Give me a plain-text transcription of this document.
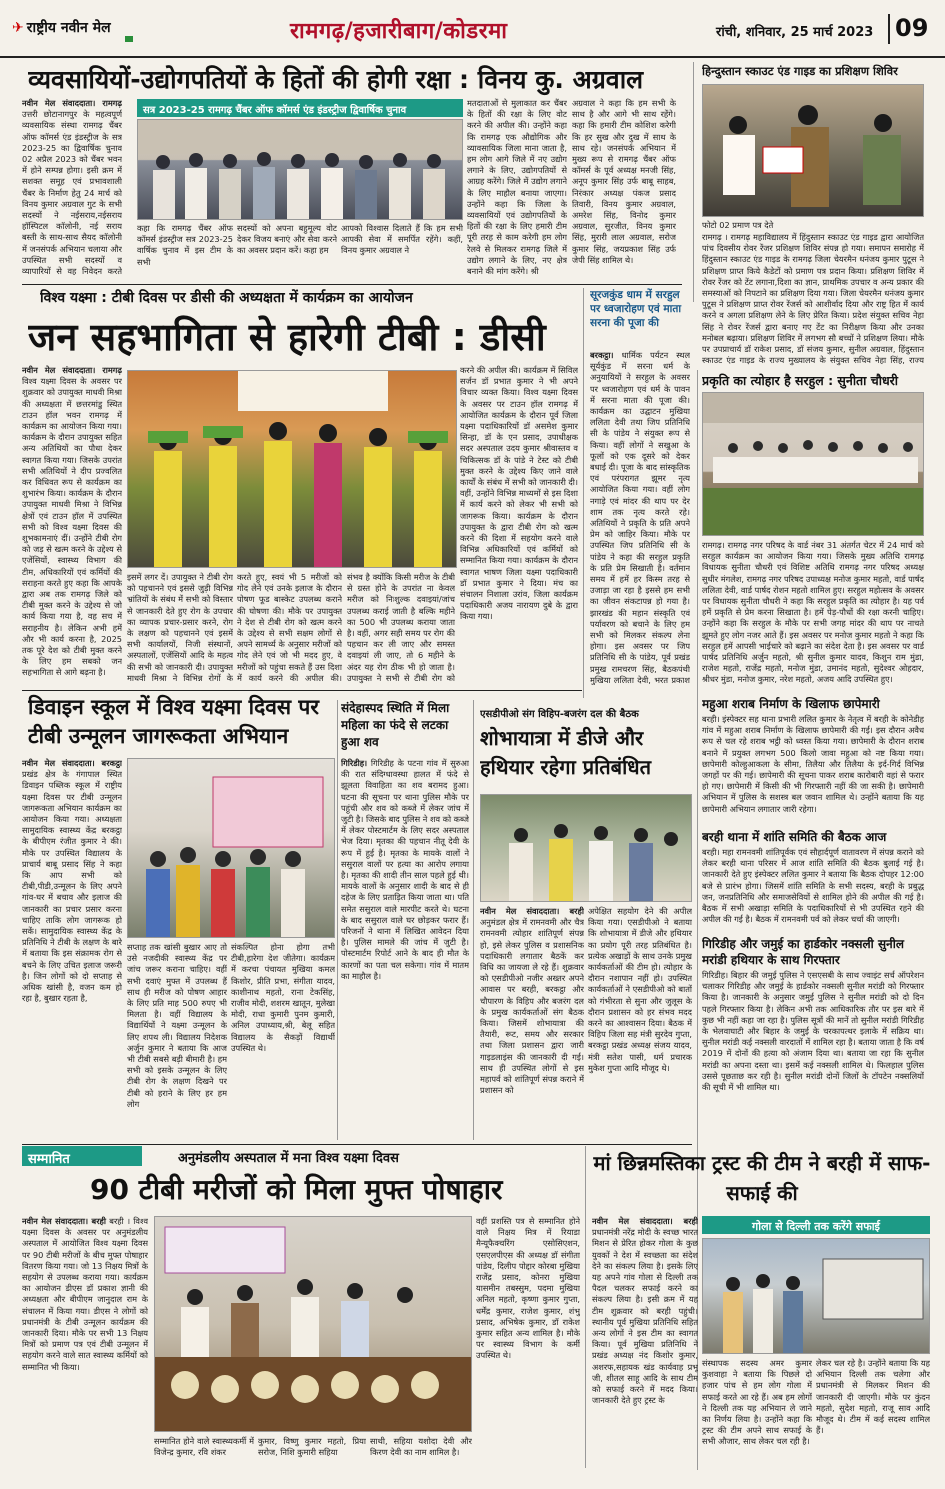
✈ राष्ट्रीय नवीन मेल	रामगढ़/हजारीबाग/कोडरमा	रांची, शनिवार, 25 मार्च 2023 09
व्यवसायियों-उद्योगपतियों के हितों की होगी रक्षा : विनय कु. अग्रवाल
नवीन मेल संवाददाता। रामगढ़ उत्तरी छोटानागपुर के महत्वपूर्ण व्यवसायिक संस्था रामगढ़ चैंबर ऑफ कॉमर्स एंड इंडस्ट्रीज के सत्र 2023-25 का द्विवार्षिक चुनाव 02 अप्रैल 2023 को चैंबर भवन में होने सम्पन्न होगा। इसी क्रम में सशक्त समूह एवं प्रभावशाली चैंबर के निर्माण हेतु 24 मार्च को विनय कुमार अग्रवाल गुट के सभी सदस्यों ने नईसराय,नईसराय हॉस्पिटल कॉलोनी, नई सराय बस्ती के साथ-साथ सैयद कॉलोनी में जनसंपर्क अभियान चलाया और उपस्थित सभी सदस्यों व व्यापारियों से वह निवेदन करते
सत्र 2023-25 रामगढ़ चैंबर ऑफ कॉमर्स एंड इंडस्ट्रीज द्विवार्षिक चुनाव
कहा कि रामगढ़ चैंबर ऑफ कॉमर्स इंडस्ट्रीज सत्र 2023-25 वार्षिक चुनाव में इस टीम के सभी
सदस्यों को अपना बहुमूल्य वोट देकर विजय बनाएं और सेवा करने का अवसर प्रदान करें। कहा हम
आपको विश्वास दिलाते हैं कि हम सभी आपकी सेवा में समर्पित रहेंगे। कहीं, विनय कुमार अग्रवाल ने
मतदाताओं से मुलाकात कर चैंबर के हितों की रक्षा के लिए वोट करने की अपील की। उन्होंने कहा कि रामगढ़ एक औद्योगिक और व्यावसायिक जिला माना जाता है, हम लोग आगे जिले में नए उद्योग लगाने के लिए, उद्योगपतियों से आग्रह करेंगे। जिले में उद्योग लगाने के लिए माहौल बनाया जाएगा। उन्होंने कहा कि जिला के व्यवसायियों एवं उद्योगपतियों के हितों की रक्षा के लिए हमारी टीम पूरी तरह से काम करेगी हम लोग रेलवे से मिलकर रामगढ़ जिले में उद्योग लगाने के लिए, नए क्षेत्र बनाने की मांग करेंगे। श्री
अग्रवाल ने कहा कि हम सभी के साथ है और आगे भी साथ रहेंगे। कहा कि हमारी टीम कोशिश करेगी कि हर सुख और दुख में साथ के साथ रहे। जनसंपर्क अभियान में मुख्य रूप से रामगढ़ चैंबर ऑफ कॉमर्स के पूर्व अध्यक्ष मनजी सिंह, अनूप कुमार सिंह उर्फ बाबू साहब, निरंकार अध्यक्ष पंकज प्रसाद तिवारी, विनय कुमार अग्रवाल, अमरेश सिंह, विनोद कुमार अग्रवाल, सुरजीत, विनय कुमार सिंह, मुरारी लाल अग्रवाल, सरोज कुमार सिंह, जयप्रकाश सिंह उर्फ जेपी सिंह शामिल थे।
हिन्दुस्तान स्काउट एंड गाइड का प्रशिक्षण शिविर
फोटो 02 प्रमाण पत्र देते
रामगढ़ । रामगढ़ महाविद्यालय में हिंदुस्तान स्काउट एंड गाइड द्वारा आयोजित पांच दिवसीय रोवर रेंजर प्रशिक्षण शिविर संपन्न हो गया। समापन समारोह में हिंदुस्तान स्काउट एंड गाइड के रामगढ़ जिला चेयरमैन धनंजय कुमार पुटूस ने प्रशिक्षण प्राप्त किये कैडेटों को प्रमाण पत्र प्रदान किया। प्रशिक्षण शिविर में रोवर रेंजर को टेंट लगाना,दिशा का ज्ञान, प्राथमिक उपचार व अन्य प्रकार की समस्याओं को निपटाने का प्रशिक्षण दिया गया। जिला चेयरमैन धनंजय कुमार पुटूस ने प्रशिक्षण प्राप्त रोवर रेंजर्स को आशीर्वाद दिया और राष्ट्र हित में कार्य करने व अगला प्रशिक्षण लेने के लिए प्रेरित किया। प्रदेश संयुक्त सचिव नेहा सिंह ने रोवर रेंजर्स द्वारा बनाए गए टेंट का निरीक्षण किया और उनका मनोबल बढ़ाया। प्रशिक्षण शिविर में लगभग सौ बच्चों ने प्रशिक्षण लिया। मौके पर उपप्राचार्य डॉ राकेश प्रसाद, डॉ संजय कुमार, सुनील अग्रवाल, हिंदुस्तान स्काउट एंड गाइड के राज्य मुख्यालय के संयुक्त सचिव नेहा सिंह, राज्य
विश्व यक्ष्मा : टीबी दिवस पर डीसी की अध्यक्षता में कार्यक्रम का आयोजन
जन सहभागिता से हारेगी टीबी : डीसी
नवीन मेल संवाददाता। रामगढ़ विश्व यक्ष्मा दिवस के अवसर पर शुक्रवार को उपायुक्त माधवी मिश्रा की अध्यक्षता में छत्तरमांडु स्थित टाउन हॉल भवन रामगढ़ में कार्यक्रम का आयोजन किया गया। कार्यक्रम के दौरान उपायुक्त सहित अन्य अतिथियों का पौधा देकर स्वागत किया गया। जिसके उपरांत सभी अतिथियों ने दीप प्रज्वलित कर विधिवत रूप से कार्यक्रम का शुभारंभ किया। कार्यक्रम के दौरान उपायुक्त माधवी मिश्रा ने विभिन्न क्षेत्रों एवं टाउन हॉल में उपस्थित सभी को विश्व यक्ष्मा दिवस की शुभकामनाएं दीं। उन्होंने टीबी रोग को जड़ से खत्म करने के उद्देश्य से एजेंसियों, स्वास्थ्य विभाग की टीम, अधिकारियों एवं कर्मियों की सराहना करते हुए कहा कि आपके द्वारा अब तक रामगढ़ जिले को टीबी मुक्त करने के उद्देश्य से जो कार्य किया गया है, वह सच में सराहनीय है। लेकिन अभी हमें और भी कार्य करना है, 2025 तक पूरे देश को टीबी मुक्त करने के लिए हम सबको जन सहभागिता से आगे बढ़ना है।
इसमें लगर दें। उपायुक्त ने टीबी रोग को पहचानने एवं इससे जुड़ी विभिन्न भ्रांतियों के संबंध में सभी को विस्तार से जानकारी देते हुए रोग के उपचार का व्यापक प्रचार-प्रसार करने, रोग के लक्षण को पहचानने एवं इसमें सभी कार्यालयों, निजी संस्थानों, अस्पतालों, एजेंसियों आदि के महत्व की सभी को जानकारी दी। उपायुक्त माधवी मिश्रा ने विभिन्न रोगों के
करते हुए, स्वयं भी 5 मरीजों को गोद लेने एवं उनके इलाज के दौरान पोषण फूड बास्केट उपलब्ध कराने की घोषणा की। मौके पर उपायुक्त ने देश से टीबी रोग को खत्म करने के उद्देश्य से सभी सक्षम लोगों से अपने सामर्थ्य के अनुसार मरीजों को गोद लेने एवं जो भी मदद हुए, वे मरीजों को पहुंचा सकते हैं उस दिशा में कार्य करने की अपील की।
संभव है क्योंकि किसी मरीज के टीबी से ग्रस्त होने के उपरांत ना केवल मरीज को निःशुल्क दवाइयां/जांच उपलब्ध कराई जाती है बल्कि महीने का 500 भी उपलब्ध कराया जाता है। वहीं, अगर सही समय पर रोग की पहचान कर ली जाए और समस्त दवाइयां ली जाए, तो 6 महीने के अंदर यह रोग ठीक भी हो जाता है। उपायुक्त ने सभी से टीबी रोग को
करने की अपील की। कार्यक्रम में सिविल सर्जन डॉ प्रभात कुमार ने भी अपने विचार व्यक्त किया। विश्व यक्ष्मा दिवस के अवसर पर टाउन हॉल रामगढ़ में आयोजित कार्यक्रम के दौरान पूर्व जिला यक्ष्मा पदाधिकारियों डॉ असमेश कुमार सिन्हा, डॉ के एन प्रसाद, उपाधीक्षक सदर अस्पताल उदय कुमार श्रीवास्तव व चिकित्सक डॉ के पांडे ने टेस्ट को टीबी मुक्त करने के उद्देश्य किए जाने वाले कार्यों के संबंध में सभी को जानकारी दी। वहीं, उन्होंने विभिन्न माध्यमों से इस दिशा में कार्य करने को लेकर भी सभी को जागरूक किया। कार्यक्रम के दौरान उपायुक्त के द्वारा टीबी रोग को खत्म करने की दिशा में सहयोग करने वाले विभिन्न अधिकारियों एवं कर्मियों को सम्मानित किया गया। कार्यक्रम के दौरान स्वागत भाषण जिला यक्ष्मा पदाधिकारी डॉ प्रभात कुमार ने दिया। मंच का संचालन निशाला उरांव, जिला कार्यक्रम पदाधिकारी अजय नारायण दुबे के द्वारा किया गया।
सूरजकुंड धाम में सरहुल पर ध्वजारोहण एवं माता सरना की पूजा की
बरकट्ठा। धार्मिक पर्यटन स्थल सूर्यकुंड में सरना धर्म के अनुयायियों ने सरहुल के अवसर पर ध्वजारोहण एवं धर्म के पावन में सरना माता की पूजा की। कार्यक्रम का उद्घाटन मुखिया ललिता देवी तथा जिप प्रतिनिधि सी के पांडेय ने संयुक्त रूप से किया। वहीं लोगों ने सखुआ के फूलों को एक दूसरे को देकर बधाई दी। पूजा के बाद सांस्कृतिक एवं परंपरागत झूमर नृत्य आयोजित किया गया। वहीं लोग नगाड़े एवं मांदर की थाप पर देर शाम तक नृत्य करते रहे। अतिथियों ने प्रकृति के प्रति अपने प्रेम को जाहिर किया। मौके पर उपस्थित जिप प्रतिनिधि सी के पांडेय ने कहा की सरहुल प्रकृति के प्रति प्रेम सिखाती है। वर्तमान समय में हमें हर किस्म तरह से उजाड़ा जा रहा है इससे हम सभी का जीवन संकटापन्न हो गया है। झारखंड की महान संस्कृति एवं पर्यावरण को बचाने के लिए हम सभी को मिलकर संकल्प लेना होगा। इस अवसर पर जिप प्रतिनिधि सी के पांडेय, पूर्व प्रखंड प्रमुख रामचरण सिंह, बैठकपंथी मुखिया ललिता देवी, भरत प्रकाश
प्रकृति का त्योहार है सरहुल : सुनीता चौधरी
रामगढ़। रामगढ़ नगर परिषद के वार्ड नंबर 31 अंतर्गत चेटर में 24 मार्च को सरहुल कार्यक्रम का आयोजन किया गया। जिसके मुख्य अतिथि रामगढ़ विधायक सुनीता चौधरी एवं विशिष्ट अतिथि रामगढ़ नगर परिषद अध्यक्ष सुधीर मंगलेश, रामगढ़ नगर परिषद उपाध्यक्ष मनोज कुमार महतो, वार्ड पार्षद ललिता देवी, वार्ड पार्षद रोशन महतो शामिल हुए। सरहुल महोत्सव के अवसर पर विधायक सुनीता चौधरी ने कहा कि सरहुल प्रकृति का त्योहार है। यह पर्व हमें प्रकृति से प्रेम करना सिखाता है। हमें पेड़-पौधों की रक्षा करनी चाहिए। उन्होंने कहा कि सरहुल के मौके पर सभी जगह मांदर की थाप पर नाचते झूमते हुए लोग नजर आते हैं। इस अवसर पर मनोज कुमार महतो ने कहा कि सरहुल हमें आपसी भाईचारे को बढ़ाने का संदेश देता है। इस अवसर पर वार्ड पार्षद प्रतिनिधि अर्जुन महतो, श्री सुनील कुमार यादव, किशुन राम मुंडा, राजेश महतो, राजेंद्र महतो, मनोज मुंडा, उमानंद महतो, सुदेश्वर ओहदार, श्रीधर मुंडा, मनोज कुमार, नरेश महतो, अजय आदि उपस्थित हुए।
महुआ शराब निर्माण के खिलाफ छापेमारी
बरही। इंस्पेक्टर सह थाना प्रभारी ललित कुमार के नेतृत्व में बरही के कोनेडीह गांव में महुआ शराब निर्माण के खिलाफ छापेमारी की गई। इस दौरान अवैध रूप से चल रहे शराब भट्ठी को ध्वस्त किया गया। छापेमारी के दौरान शराब बनाने में प्रयुक्त लगभग 500 किलो जावा महुआ को नष्ट किया गया। छापेमारी कोल्हुआकला के सीमा, तिलैया और तिलैया के इर्द-गिर्द विभिन्न जगहों पर की गई। छापेमारी की सूचना पाकर शराब कारोबारी वहां से फरार हो गए। छापेमारी में किसी की भी गिरफ्तारी नहीं की जा सकी है। छापेमारी अभियान में पुलिस के सशस्त्र बल जवान शामिल थे। उन्होंने बताया कि यह छापेमारी अभियान लगातार जारी रहेगा।
बरही थाना में शांति समिति की बैठक आज
बरही। महा रामनवमी शांतिपूर्वक एवं सौहार्दपूर्ण वातावरण में संपन्न कराने को लेकर बरही थाना परिसर में आज शांति समिति की बैठक बुलाई गई है। जानकारी देते हुए इंस्पेक्टर ललित कुमार ने बताया कि बैठक दोपहर 12:00 बजे से प्रारंभ होगा। जिसमें शांति समिति के सभी सदस्य, बरही के प्रबुद्ध जन, जनप्रतिनिधि और समाजसेवियों से शामिल होने की अपील की गई है। बैठक में सभी अखाड़ा समिति के पदाधिकारियों से भी उपस्थित रहने की अपील की गई है। बैठक में रामनवमी पर्व को लेकर चर्चा की जाएगी।
गिरिडीह और जमुई का हार्डकोर नक्सली सुनील मरांडी हथियार के साथ गिरफ्तार
गिरिडीह। बिहार की जमुई पुलिस ने एसएसबी के साथ ज्वाइंट सर्च ऑपरेशन चलाकर गिरिडीह और जमुई के हार्डकोर नक्सली सुनील मरांडी को गिरफ्तार किया है। जानकारी के अनुसार जमुई पुलिस ने सुनील मरांडी को दो दिन पहले गिरफ्तार किया है। लेकिन अभी तक आधिकारिक तौर पर इस बारे में कुछ भी नहीं कहा जा रहा है। पुलिस सूत्रों की मानें तो सुनील मरांडी गिरिडीह के भेलवाघाटी और बिहार के जमुई के चरकापत्थर इलाके में सक्रिय था। सुनील मरांडी कई नक्सली वारदातों में शामिल रहा है। बताया जाता है कि वर्ष 2019 में दोनों की हत्या को अंजाम दिया था। बताया जा रहा कि सुनील मरांडी का अपना दस्ता था। इसमें कई नक्सली शामिल थे। फिलहाल पुलिस उससे पूछताछ कर रही है। सुनील मरांडी दोनों जिलों के टॉपटेन नक्सलियों की सूची में भी शामिल था।
डिवाइन स्कूल में विश्व यक्ष्मा दिवस पर टीबी उन्मूलन जागरूकता अभियान
नवीन मेल संवाददाता। बरकट्ठा प्रखंड क्षेत्र के गंगापाल स्थित डिवाइन पब्लिक स्कूल में राष्ट्रीय यक्ष्मा दिवस पर टीबी उन्मूलन जागरूकता अभियान कार्यक्रम का आयोजन किया गया। अध्यक्षता सामुदायिक स्वास्थ्य केंद्र बरकट्ठा के बीपीएम रंजीत कुमार ने की। मौके पर उपस्थित विद्यालय के प्राचार्य बाबू प्रसाद सिंह ने कहा कि आप सभी को टीबी,पीडी,उन्मूलन के लिए अपने गांव-घर में बचाव और इलाज की जानकारी का प्रचार प्रसार करना चाहिए ताकि लोग जागरूक हो सकें। सामुदायिक स्वास्थ्य केंद्र के प्रतिनिधि ने टीबी के लक्षण के बारे में बताया कि इस संक्रामक रोग से बचने के लिए उचित इलाज जरूरी है। जिन लोगों को दो सप्ताह से अधिक खांसी है, वजन कम हो रहा है, बुखार रहता है,
सप्ताह तक खांसी बुखार आए तो उसे नजदीकी स्वास्थ्य केंद्र पर जांच जरूर कराना चाहिए। वहीं सभी दवाएं मुफ्त में उपलब्ध हैं साथ ही मरीज को पोषण आहार के लिए प्रति माह 500 रुपए भी मिलता है। वहीं विद्यालय के विद्यार्थियों ने यक्ष्मा उन्मूलन के लिए शपथ ली। विद्यालय निदेशक अर्जुन कुमार ने बताया कि आज भी टीबी सबसे बड़ी बीमारी है। हम सभी को इसके उन्मूलन के लिए टीबी रोग के लक्षण दिखने पर टीबी को हराने के लिए हर हम लोग
संकल्पित होना होगा तभी टीबी,हारेगा देश जीतेगा। कार्यक्रम में करचा पंचायत मुखिया कमल किशोर, प्रीति प्रभा, संगीता यादव, काशीनाथ महतो, राना टेकसिंह, राजीव मोदी, शशरम खातून, मुलेखा मोदी, राधा कुमारी पुनम कुमारी, अनिल उपाध्याय,श्री, बेलू सहित विद्यालय के सैकड़ों विद्यार्थी उपस्थित थे।
संदेहास्पद स्थिति में मिला महिला का फंदे से लटका हुआ शव
गिरिडीह। गिरिडीह के पटना गांव में सुरुआ की रात संदिग्धावस्था हालत में फंदे से झूलता विवाहिता का शव बरामद हुआ। घटना की सूचना पर थाना पुलिस मौके पर पहुंची और शव को कब्जे में लेकर जांच में जुटी है। जिसके बाद पुलिस ने शव को कब्जे में लेकर पोस्टमार्टम के लिए सदर अस्पताल भेज दिया। मृतका की पहचान नीतू देवी के रूप में हुई है। मृतका के मायके वालों ने ससुराल वालों पर हत्या का आरोप लगाया है। मृतका की शादी तीन साल पहले हुई थी। मायके वालों के अनुसार शादी के बाद से ही दहेज के लिए प्रताड़ित किया जाता था। पति समेत ससुराल वाले मारपीट करते थे। घटना के बाद ससुराल वाले घर छोड़कर फरार हैं। परिजनों ने थाना में लिखित आवेदन दिया है। पुलिस मामले की जांच में जुटी है। पोस्टमार्टम रिपोर्ट आने के बाद ही मौत के कारणों का पता चल सकेगा। गांव में मातम का माहौल है।
एसडीपीओ संग विहिप-बजरंग दल की बैठक
शोभायात्रा में डीजे और हथियार रहेगा प्रतिबंधित
नवीन मेल संवाददाता। बरही अनुमंडल क्षेत्र में रामनवमी और चैत्र रामनवमी त्योहार शांतिपूर्ण संपन्न हो, इसे लेकर पुलिस व प्रशासनिक पदाधिकारी लगातार बैठकें कर विधि का जायजा ले रहे हैं। शुक्रवार को एसडीपीओ नजीर अख्तर अपने आवास पर बरही, बरकट्ठा और चौपारण के विहिप और बजरंग दल के प्रमुख कार्यकर्ताओं संग बैठक किया। जिसमें शोभायात्रा की तैयारी, रूट, समय और सरकार तथा जिला प्रशासन द्वारा जारी गाइडलाइंस की जानकारी दी गई। साथ ही उपस्थित लोगों से इस महापर्व को शांतिपूर्ण संपन्न कराने में प्रशासन को
अपेक्षित सहयोग देने की अपील किया गया। एसडीपीओ ने बताया कि शोभायात्रा में डीजे और हथियार का प्रयोग पूरी तरह प्रतिबंधित है। प्रत्येक अखाड़ों के साथ उनके प्रमुख कार्यकर्ताओं की टीम हो। त्योहार के दौरान नशापान नहीं हो। उपस्थित कार्यकर्ताओं ने एसडीपीओ को बातों को गंभीरता से सुना और जुलूस के दौरान प्रशासन को हर संभव मदद करने का आश्वासन दिया। बैठक में विहिप जिला सह मंत्री सुरदेव गुप्ता, बरकट्ठा प्रखंड अध्यक्ष संजय यादव, मंत्री सतेश पासी, धर्म प्रचारक मुकेश गुप्ता आदि मौजूद थे।
सम्मानित	अनुमंडलीय अस्पताल में मना विश्व यक्ष्मा दिवस
90 टीबी मरीजों को मिला मुफ्त पोषाहार
नवीन मेल संवाददाता। बरही बरही । विश्व यक्ष्मा दिवस के अवसर पर अनुमंडलीय अस्पताल में आयोजित विश्व यक्ष्मा दिवस पर 90 टीबी मरीजों के बीच मुफ्त पोषाहार वितरण किया गया। जो 13 निक्षय मित्रों के सहयोग से उपलब्ध कराया गया। कार्यक्रम का आयोजन डीएस डॉ प्रकाश ज्ञानी की अध्यक्षता और बीपीएम जानुदाल राम के संचालन में किया गया। डीएस ने लोगों को प्रधानमंत्री के टीबी उन्मूलन कार्यक्रम की जानकारी दिया। मौके पर सभी 13 निक्षय मित्रों को प्रमाण पत्र एवं टीबी उन्मूलन में सहयोग करने वाले सात स्वास्थ्य कर्मियों को सम्मानित भी किया।
सम्मानित होने वाले स्वास्थ्यकर्मी में विजेन्द्र कुमार, रवि शंकर
कुमार, विष्णु कुमार महतो, प्रिया सरोज, निशि कुमारी सहिया
साथी, सहिया यशोदा देवी और किरण देवी का नाम शामिल है।
वहीं प्रशस्ति पत्र से सम्मानित होने वाले निक्षय मित्र में रियाडा मैन्यूफैक्चरिंग एसोसिएशन, एसएलपीएस की अध्यक्ष डॉ संगीता पांडेय, दिलीप पोद्दार कोरबा मुखिया राजेंद्र प्रसाद, कोनरा मुखिया यासमीन तबस्सुम, पदमा मुखिया अनिल महतो, कृष्णा कुमार गुप्ता, धर्मेंद्र कुमार, राजेश कुमार, शंभु प्रसाद, अभिषेक कुमार, डॉ राकेश कुमार सहित अन्य शामिल है। मौके पर स्वास्थ्य विभाग के कर्मी उपस्थित थे।
मां छिन्नमस्तिका ट्रस्ट की टीम ने बरही में साफ-सफाई की
गोला से दिल्ली तक करेंगे सफाई
नवीन मेल संवाददाता। बरही प्रधानमंत्री नरेंद्र मोदी के स्वच्छ भारत मिशन से प्रेरित होकर गोला के कुछ युवकों ने देश में स्वच्छता का संदेश देने का संकल्प लिया है। इसके लिए यह अपने गांव गोला से दिल्ली तक पैदल चलकर सफाई करने का संकल्प लिया है। इसी क्रम में यह टीम शुक्रवार को बरही पहुंची। स्थानीय पूर्व मुखिया प्रतिनिधि सहित अन्य लोगों ने इस टीम का स्वागत किया। पूर्व मुखिया प्रतिनिधि ने प्रखंड अध्यक्ष नंद किशोर कुमार, अशरफ,सहायक खंड कार्यवाह प्रभू जी, शीतल साहू आदि के साथ टीम को सफाई करने में मदद किया। जानकारी देते हुए ट्रस्ट के
संस्थापक सदस्य अमर कुमार कुशवाहा ने बताया कि पिछले दो हजार पांच से हम लोग गोला में सफाई करते आ रहे हैं। अब हम लोगों ने दिल्ली तक यह अभियान ले जाने का निर्णय लिया है। उन्होंने कहा कि ट्रस्ट की टीम अपने साथ सफाई के सभी औजार, साथ लेकर चल रही है।
लेकर चल रहे है। उन्होंने बताया कि यह अभियान दिल्ली तक चलेगा और प्रधानमंत्री से मिलकर मिशन की जानकारी दी जाएगी। मौके पर कुंदन महतो, सुदेश महतो, राजू साव आदि मौजूद थे। टीम में कई सदस्य शामिल हैं।
